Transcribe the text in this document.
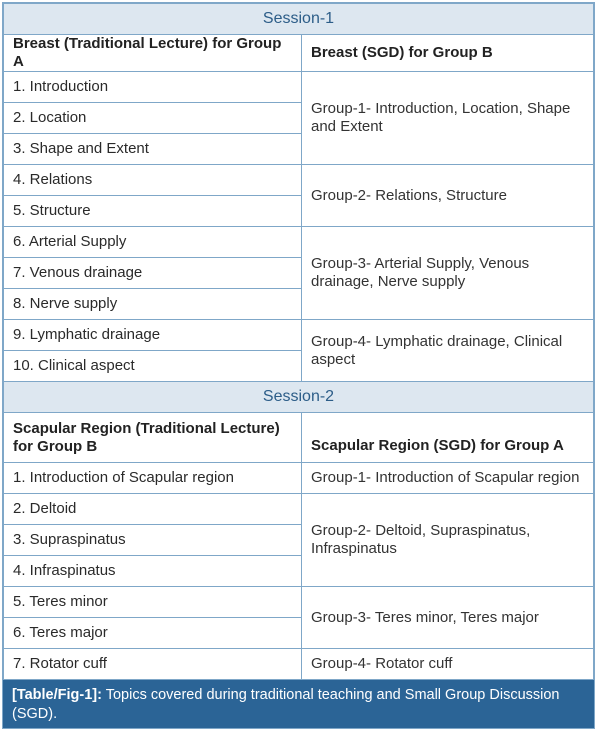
Session-1	
Breast (Traditional Lecture) for Group A	Breast (SGD) for Group B
1. Introduction	Group-1- Introduction, Location, Shape and Extent
2. Location	
3. Shape and Extent	
4. Relations	Group-2- Relations, Structure
5. Structure	
6. Arterial Supply	Group-3- Arterial Supply, Venous drainage, Nerve supply
7. Venous drainage	
8. Nerve supply	
9. Lymphatic drainage	Group-4- Lymphatic drainage, Clinical aspect
10. Clinical aspect	
Session-2	
Scapular Region (Traditional Lecture) for Group B	Scapular Region (SGD) for Group A
1. Introduction of Scapular region	Group-1- Introduction of Scapular region
2. Deltoid	Group-2- Deltoid, Supraspinatus, Infraspinatus
3. Supraspinatus	
4. Infraspinatus	
5. Teres minor	Group-3- Teres minor, Teres major
6. Teres major	
7. Rotator cuff	Group-4- Rotator cuff
[Table/Fig-1]: Topics covered during traditional teaching and Small Group Discussion (SGD).
